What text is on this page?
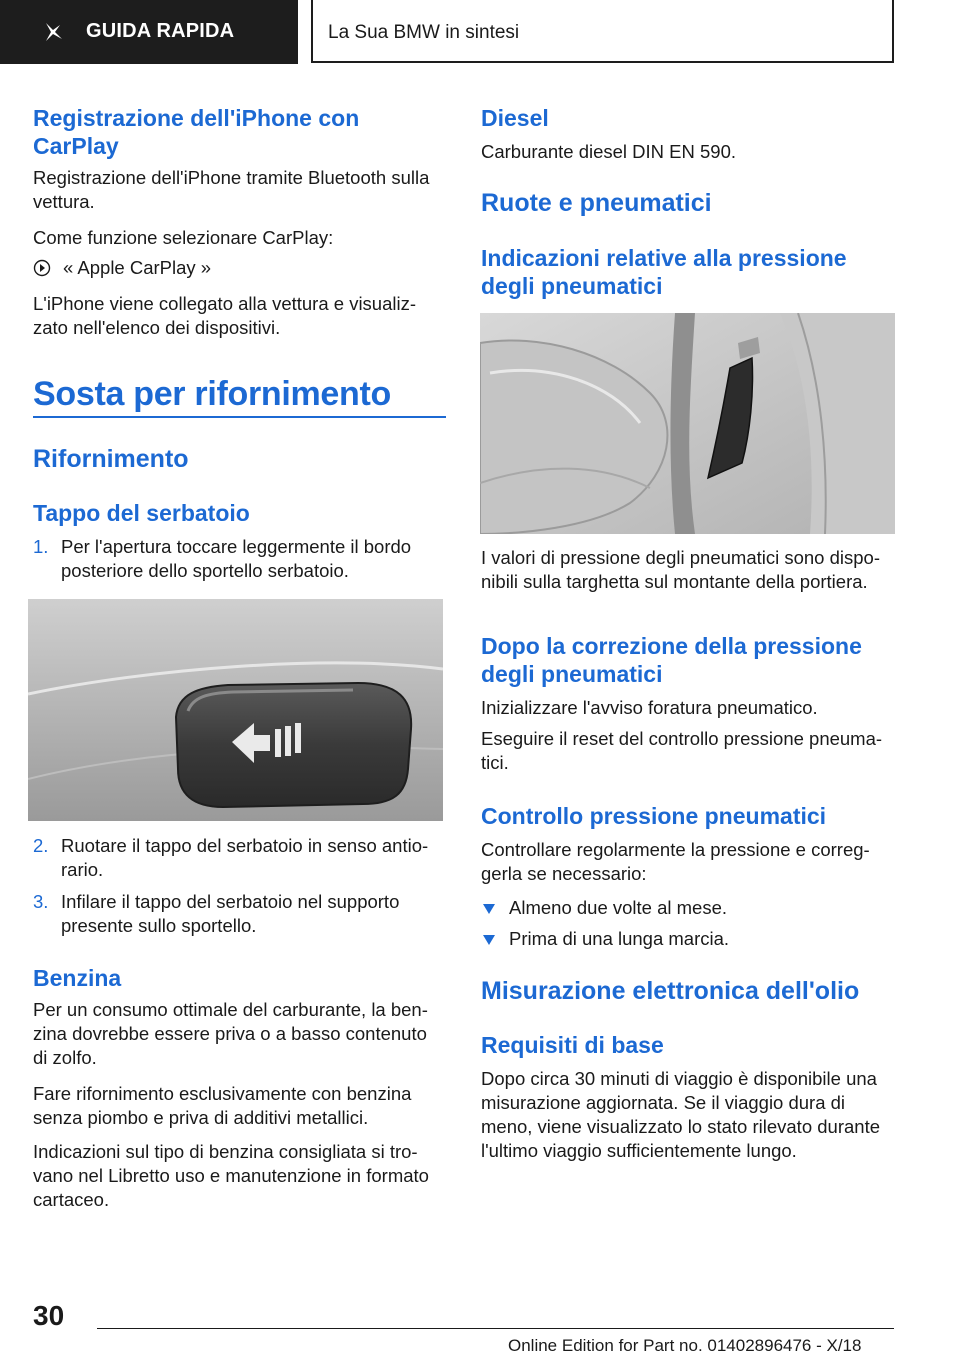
GUIDA RAPIDA	La Sua BMW in sintesi
Registrazione dell'iPhone con CarPlay

Registrazione dell'iPhone tramite Bluetooth sulla vettura.

Come funzione selezionare CarPlay:

« Apple CarPlay »

L'iPhone viene collegato alla vettura e visualiz- zato nell'elenco dei dispositivi.

Sosta per rifornimento
Rifornimento
Tappo del serbatoio
1. Per l'apertura toccare leggermente il bordo posteriore dello sportello serbatoio.

2. Ruotare il tappo del serbatoio in senso antio- rario.

3. Infilare il tappo del serbatoio nel supporto presente sullo sportello.

Benzina

Per un consumo ottimale del carburante, la ben- zina dovrebbe essere priva o a basso contenuto di zolfo.

Fare rifornimento esclusivamente con benzina senza piombo e priva di additivi metallici.

Indicazioni sul tipo di benzina consigliata si tro- vano nel Libretto uso e manutenzione in formato cartaceo.

Diesel

Carburante diesel DIN EN 590.

Ruote e pneumatici
Indicazioni relative alla pressione degli pneumatici

I valori di pressione degli pneumatici sono dispo- nibili sulla targhetta sul montante della portiera.

Dopo la correzione della pressione degli pneumatici

Inizializzare l'avviso foratura pneumatico.

Eseguire il reset del controllo pressione pneuma- tici.

Controllo pressione pneumatici

Controllare regolarmente la pressione e correg- gerla se necessario:

Almeno due volte al mese.

Prima di una lunga marcia.

Misurazione elettronica dell'olio
Requisiti di base

Dopo circa 30 minuti di viaggio è disponibile una misurazione aggiornata. Se il viaggio dura di meno, viene visualizzato lo stato rilevato durante l'ultimo viaggio sufficientemente lungo.

30
Online Edition for Part no. 01402896476 - X/18
